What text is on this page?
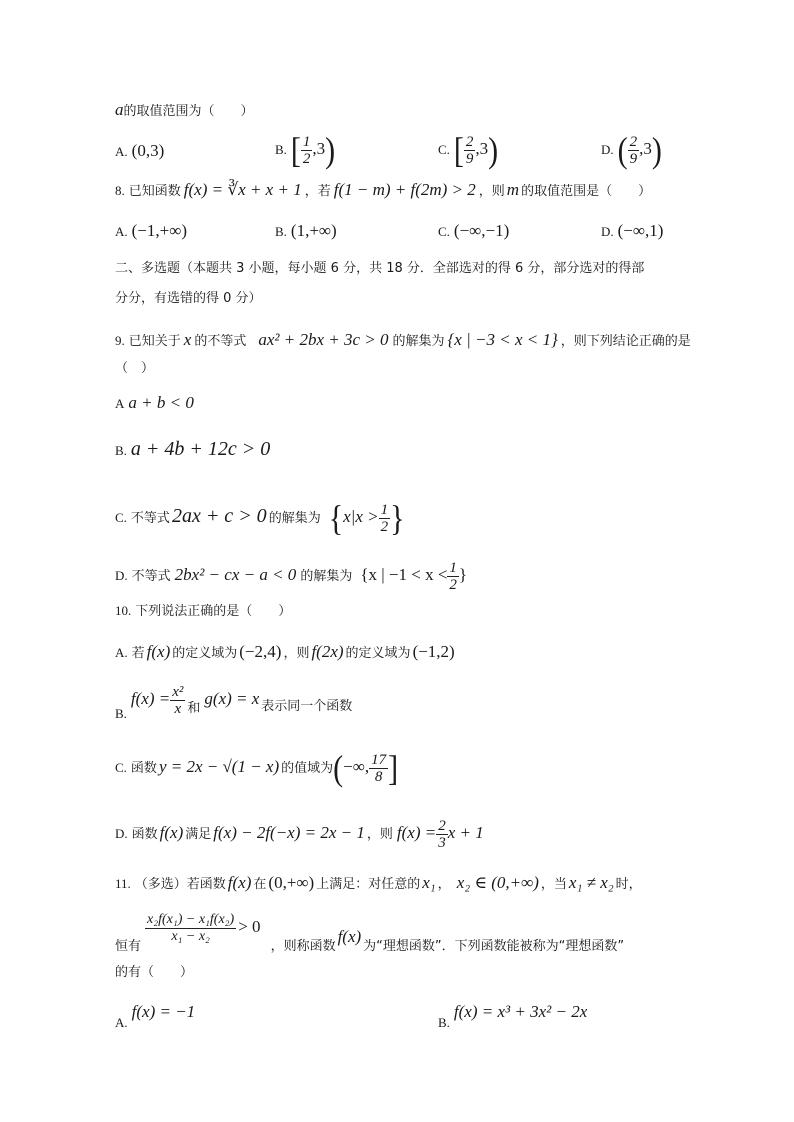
a的取值范围为（　　）
A. (0,3)	B. [ $\frac{1}{2} ,3$)	C. [ $\frac{2}{9} ,3$)	D. ( $\frac{2}{9} ,3$)
8. 已知函数 f(x) = ∛x + x + 1 ，若 f(1 − m) + f(2m) > 2 ，则 m 的取值范围是（　　）
A. (−1,+∞)	B. (1,+∞)	C. (−∞,−1)	D. (−∞,1)
二、多选题（本题共 3 小题，每小题 6 分，共 18 分．全部选对的得 6 分，部分选对的得部
分分，有选错的得 0 分）
9. 已知关于 x 的不等式 ax² + 2bx + 3c > 0 的解集为 {x | −3 < x < 1} ，则下列结论正确的是
（　）
A a + b < 0
B. a + 4b + 12c > 0
C. 不等式 2ax + c > 0 的解集为 {$x|x > \frac{1}{2}$ }
D. 不等式 2bx² − cx − a < 0 的解集为 {x | $-1 < x < \frac{1}{2}$ }
10. 下列说法正确的是（　　）
A. 若 f(x) 的定义域为 (−2,4) ，则 f(2x) 的定义域为 (−1,2)
$B.f(x) = \frac{\text{x²}}{x}$ 和g(x) = x 表示同一个函数
C. 函数 y = 2x − √(1 − x) 的值域为(−∞, $\frac{17}{8}$ ]
D. 函数 f(x) 满足 f(x) − 2f(−x) = 2x − 1 ，则 $f(x) = \frac{2}{3}$ x + 1
11. （多选）若函数 f(x) 在 (0,+∞) 上满足：对任意的 x₁ ， x₂ ∈ (0,+∞) ，当 x₁ ≠ x₂ 时，
恒有
$\frac{\text{x₂f(x₁) − x₁f(x₂)}}{\text{x₁ − x₂}} > 0$，则称函数f(x)为“理想函数”．下列函数能被称为“理想函数”
的有（　　）
A.f(x) = −1
B.f(x) = x³ + 3x² − 2x
